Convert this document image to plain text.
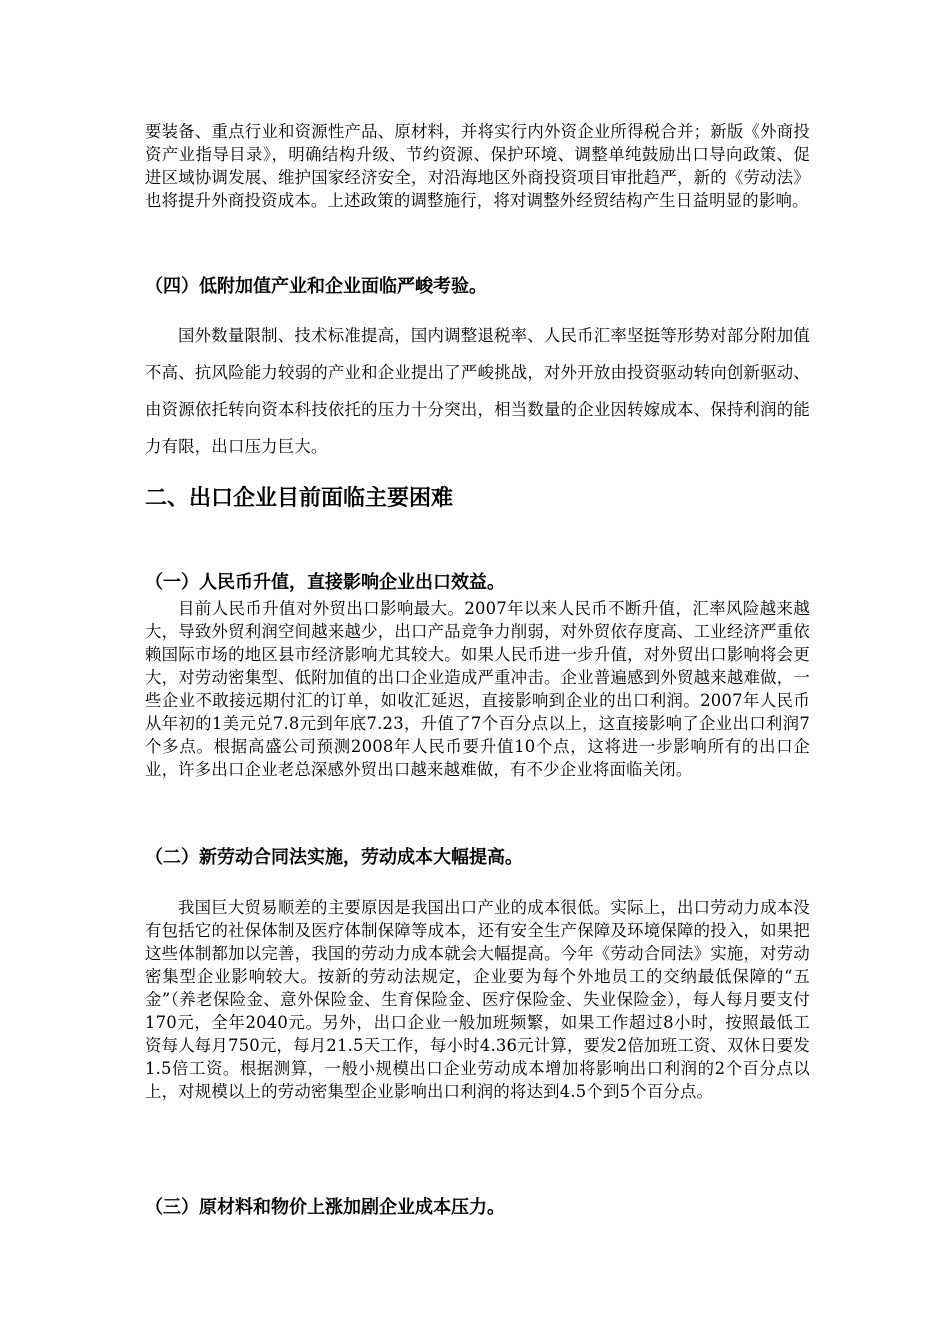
要装备、重点行业和资源性产品、原材料，并将实行内外资企业所得税合并；新版《外商投资产业指导目录》，明确结构升级、节约资源、保护环境、调整单纯鼓励出口导向政策、促进区域协调发展、维护国家经济安全，对沿海地区外商投资项目审批趋严，新的《劳动法》也将提升外商投资成本。上述政策的调整施行，将对调整外经贸结构产生日益明显的影响。

（四）低附加值产业和企业面临严峻考验。

国外数量限制、技术标准提高，国内调整退税率、人民币汇率坚挺等形势对部分附加值不高、抗风险能力较弱的产业和企业提出了严峻挑战，对外开放由投资驱动转向创新驱动、由资源依托转向资本科技依托的压力十分突出，相当数量的企业因转嫁成本、保持利润的能力有限，出口压力巨大。

二、出口企业目前面临主要困难
（一）人民币升值，直接影响企业出口效益。

目前人民币升值对外贸出口影响最大。2007年以来人民币不断升值，汇率风险越来越大，导致外贸利润空间越来越少，出口产品竞争力削弱，对外贸依存度高、工业经济严重依赖国际市场的地区县市经济影响尤其较大。如果人民币进一步升值，对外贸出口影响将会更大，对劳动密集型、低附加值的出口企业造成严重冲击。企业普遍感到外贸越来越难做，一些企业不敢接远期付汇的订单，如收汇延迟，直接影响到企业的出口利润。2007年人民币从年初的1美元兑7.8元到年底7.23，升值了7个百分点以上，这直接影响了企业出口利润7个多点。根据高盛公司预测2008年人民币要升值10个点，这将进一步影响所有的出口企业，许多出口企业老总深感外贸出口越来越难做，有不少企业将面临关闭。

（二）新劳动合同法实施，劳动成本大幅提高。

我国巨大贸易顺差的主要原因是我国出口产业的成本很低。实际上，出口劳动力成本没有包括它的社保体制及医疗体制保障等成本，还有安全生产保障及环境保障的投入，如果把这些体制都加以完善，我国的劳动力成本就会大幅提高。今年《劳动合同法》实施，对劳动密集型企业影响较大。按新的劳动法规定，企业要为每个外地员工的交纳最低保障的“五金”（养老保险金、意外保险金、生育保险金、医疗保险金、失业保险金），每人每月要支付170元，全年2040元。另外，出口企业一般加班频繁，如果工作超过8小时，按照最低工资每人每月750元，每月21.5天工作，每小时4.36元计算，要发2倍加班工资、双休日要发1.5倍工资。根据测算，一般小规模出口企业劳动成本增加将影响出口利润的2个百分点以上，对规模以上的劳动密集型企业影响出口利润的将达到4.5个到5个百分点。

（三）原材料和物价上涨加剧企业成本压力。
